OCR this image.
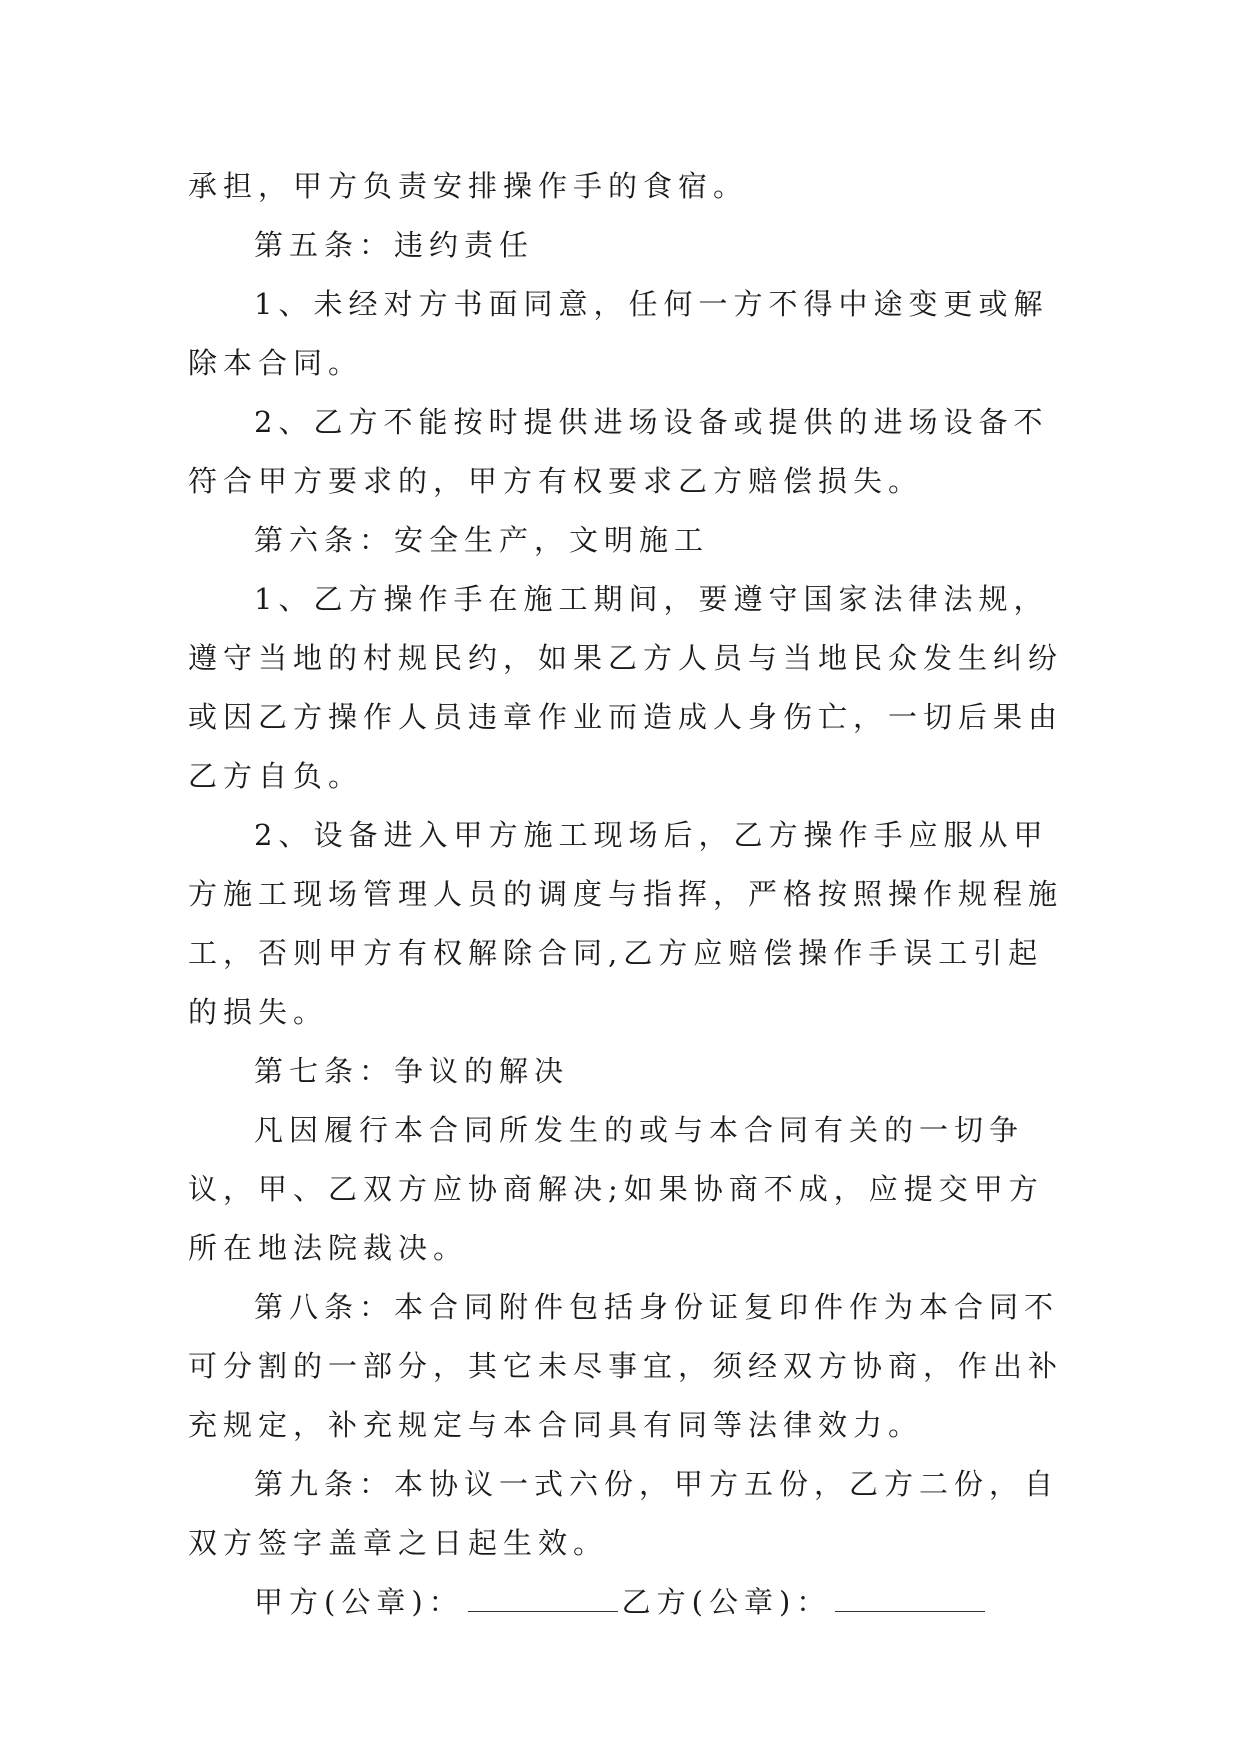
承担，甲方负责安排操作手的食宿。

第五条：违约责任

1、未经对方书面同意，任何一方不得中途变更或解除本合同。

2、乙方不能按时提供进场设备或提供的进场设备不符合甲方要求的，甲方有权要求乙方赔偿损失。

第六条：安全生产，文明施工

1、乙方操作手在施工期间，要遵守国家法律法规，遵守当地的村规民约，如果乙方人员与当地民众发生纠纷或因乙方操作人员违章作业而造成人身伤亡，一切后果由乙方自负。

2、设备进入甲方施工现场后，乙方操作手应服从甲方施工现场管理人员的调度与指挥，严格按照操作规程施工，否则甲方有权解除合同,乙方应赔偿操作手误工引起的损失。

第七条：争议的解决

凡因履行本合同所发生的或与本合同有关的一切争议，甲、乙双方应协商解决;如果协商不成，应提交甲方所在地法院裁决。

第八条：本合同附件包括身份证复印件作为本合同不可分割的一部分，其它未尽事宜，须经双方协商，作出补充规定，补充规定与本合同具有同等法律效力。

第九条：本协议一式六份，甲方五份，乙方二份，自双方签字盖章之日起生效。

甲方(公章)：	乙方(公章)：
